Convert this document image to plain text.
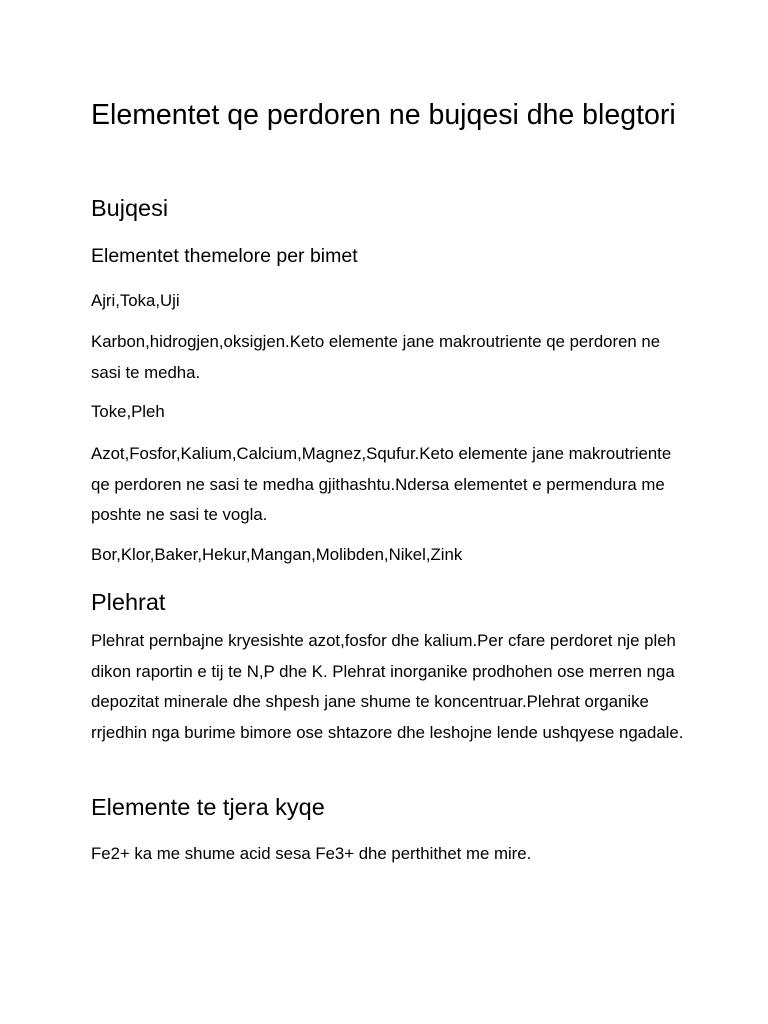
Elementet qe perdoren ne bujqesi dhe blegtori
Bujqesi
Elementet themelore per bimet

Ajri,Toka,Uji

Karbon,hidrogjen,oksigjen.Keto elemente jane makroutriente qe perdoren ne sasi te medha.

Toke,Pleh

Azot,Fosfor,Kalium,Calcium,Magnez,Squfur.Keto elemente jane makroutriente qe perdoren ne sasi te medha gjithashtu.Ndersa elementet e permendura me poshte ne sasi te vogla.

Bor,Klor,Baker,Hekur,Mangan,Molibden,Nikel,Zink

Plehrat

Plehrat pernbajne kryesishte azot,fosfor dhe kalium.Per cfare perdoret nje pleh dikon raportin e tij te N,P dhe K. Plehrat inorganike prodhohen ose merren nga depozitat minerale dhe shpesh jane shume te koncentruar.Plehrat organike rrjedhin nga burime bimore ose shtazore dhe leshojne lende ushqyese ngadale.

Elemente te tjera kyqe

Fe2+ ka me shume acid sesa Fe3+ dhe perthithet me mire.
